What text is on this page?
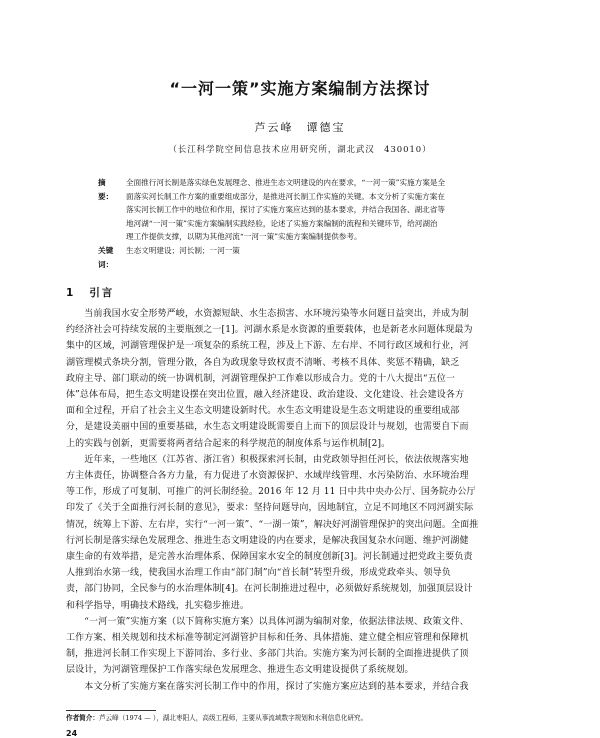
“一河一策”实施方案编制方法探讨
芦云峰　谭德宝
（长江科学院空间信息技术应用研究所，湖北武汉　430010）
摘　要：
全面推行河长制是落实绿色发展理念、推进生态文明建设的内在要求，“一河一策”实施方案是全
面落实河长制工作方案的重要组成部分，是推进河长制工作实施的关键。本文分析了实施方案在
落实河长制工作中的地位和作用，探讨了实施方案应达到的基本要求，并结合我国各、湖北省等
地河湖“一河一策”实施方案编制实践经验，论述了实施方案编制的流程和关键环节，给河湖治
理工作提供支撑，以期为其他河流“一河一策”实施方案编制提供参考。
关键词：
生态文明建设；河长制；一河一策
1 引言
　　当前我国水安全形势严峻，水资源短缺、水生态损害、水环境污染等水问题日益突出，并成为制
约经济社会可持续发展的主要瓶颈之一[1]。河湖水系是水资源的重要载体，也是新老水问题体现最为
集中的区域，河湖管理保护是一项复杂的系统工程，涉及上下游、左右岸、不同行政区域和行业，河
湖管理模式条块分割，管理分散，各自为政现象导致权责不清晰、考核不具体、奖惩不精确，缺乏
政府主导、部门联动的统一协调机制，河湖管理保护工作难以形成合力。党的十八大提出“五位一
体”总体布局，把生态文明建设摆在突出位置，融入经济建设、政治建设、文化建设、社会建设各方
面和全过程，开启了社会主义生态文明建设新时代。水生态文明建设是生态文明建设的重要组成部
分，是建设美丽中国的重要基础，水生态文明建设既需要自上而下的顶层设计与规划，也需要自下而
上的实践与创新，更需要将两者结合起来的科学规范的制度体系与运作机制[2]。
　　近年来，一些地区（江苏省、浙江省）积极探索河长制，由党政领导担任河长，依法依规落实地
方主体责任，协调整合各方力量，有力促进了水资源保护、水域岸线管理、水污染防治、水环境治理
等工作，形成了可复制、可推广的河长制经验。2016 年 12 月 11 日中共中央办公厅、国务院办公厅
印发了《关于全面推行河长制的意见》，要求：坚持问题导向，因地制宜，立足不同地区不同河湖实际
情况，统筹上下游、左右岸，实行“一河一策”、“一湖一策”，解决好河湖管理保护的突出问题。全面推
行河长制是落实绿色发展理念、推进生态文明建设的内在要求，是解决我国复杂水问题、维护河湖健
康生命的有效举措，是完善水治理体系、保障国家水安全的制度创新[3]。河长制通过把党政主要负责
人推到治水第一线，使我国水治理工作由“部门制”向“首长制”转型升级，形成党政牵头、领导负
责，部门协同，全民参与的水治理体制[4]。在河长制推进过程中，必须做好系统规划，加强顶层设计
和科学指导，明确技术路线，扎实稳步推进。
　　“一河一策”实施方案（以下简称实施方案）以具体河湖为编制对象，依据法律法规、政策文件、
工作方案、相关规划和技术标准等制定河湖管护目标和任务、具体措施、建立健全相应管理和保障机
制，推进河长制工作实现上下游同治、多行业、多部门共治。实施方案为河长制的全面推进提供了顶
层设计，为河湖管理保护工作落实绿色发展理念、推进生态文明建设提供了系统规划。
　　本文分析了实施方案在落实河长制工作中的作用，探讨了实施方案应达到的基本要求，并结合我
作者简介：芦云峰（1974 — ），湖北枣阳人，高级工程师，主要从事流域数字规划和水利信息化研究。
24
